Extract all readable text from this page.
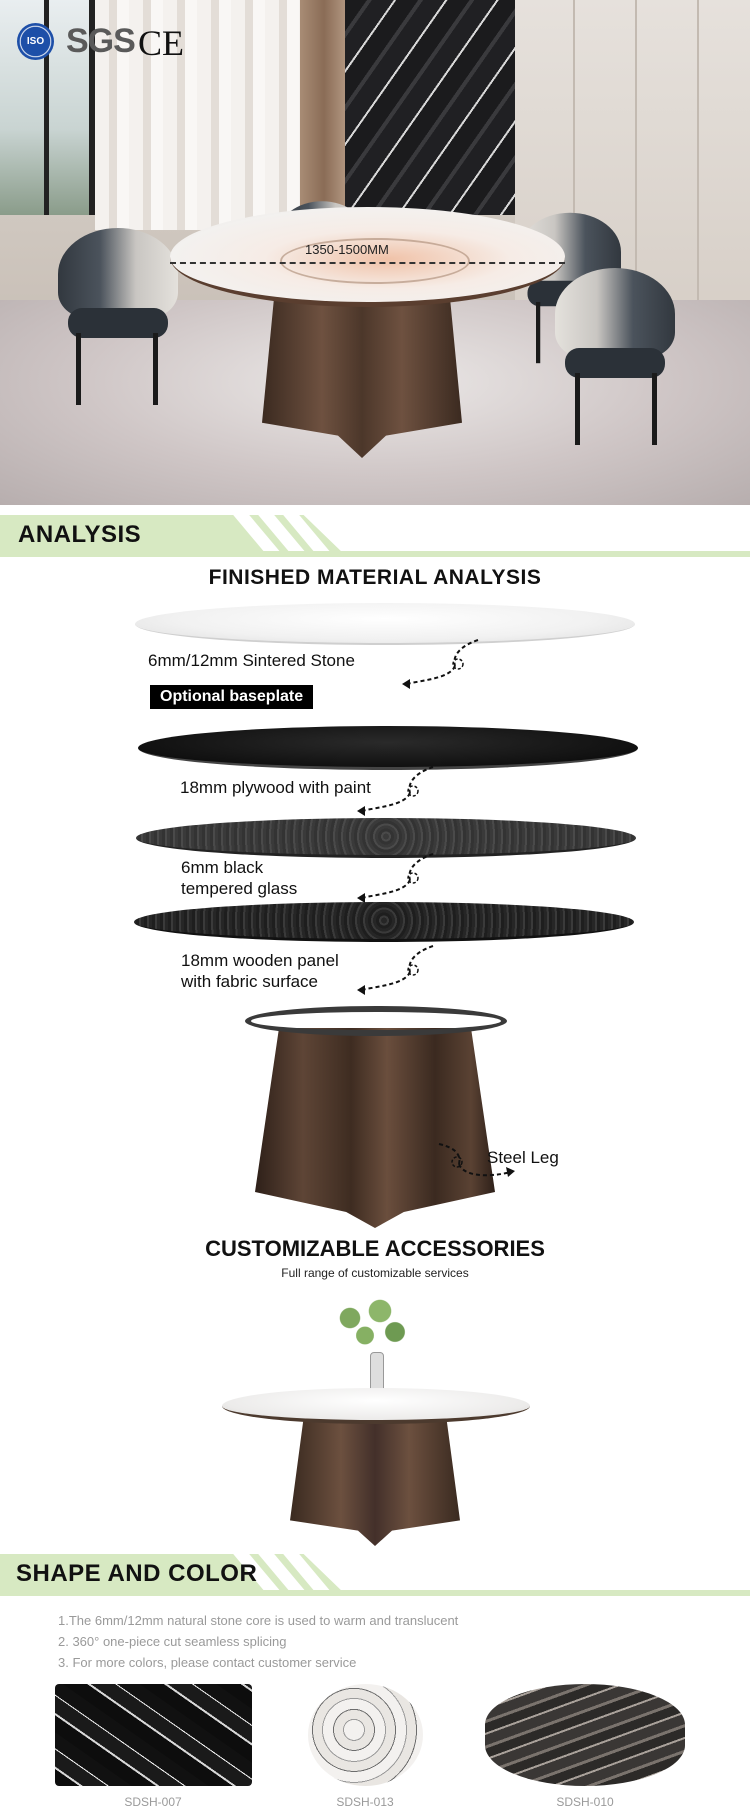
1350-1500MM
ISO SGS CE
ANALYSIS
FINISHED MATERIAL ANALYSIS
6mm/12mm Sintered Stone
Optional baseplate
18mm plywood with paint
6mm black
tempered glass
18mm wooden panel
with fabric surface
Steel Leg
CUSTOMIZABLE ACCESSORIES
Full range of customizable services
SHAPE AND COLOR
1.The 6mm/12mm natural stone core is used to warm and translucent
2. 360° one-piece cut seamless splicing
3. For more colors, please contact customer service
SDSH-007	SDSH-013	SDSH-010
